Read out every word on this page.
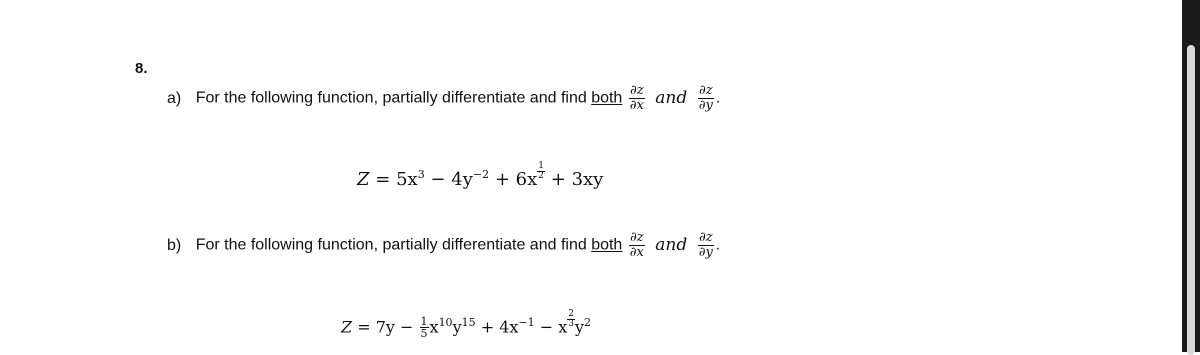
8.
a) For the following function, partially differentiate and find both $\frac{\partial z}{\partial x}$ and $\frac{\partial z}{\partial y}$ .
$Z = 5x^3 - 4y^{-2} + 6x \frac{1}{2} + 3xy$
b) For the following function, partially differentiate and find both $\frac{\partial z}{\partial x}$ and $\frac{\partial z}{\partial y}$ .
$Z = 7y - \frac{1}{5} x^{10}y^{15} + 4x^{-1} - x \frac{2}{3} y^2$
